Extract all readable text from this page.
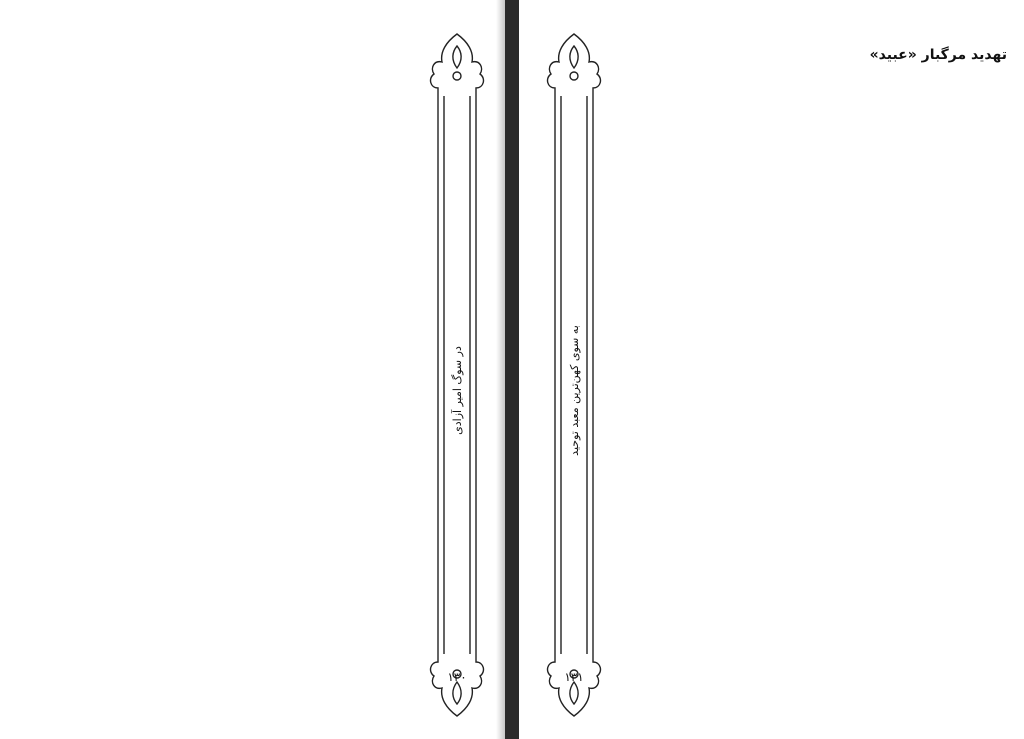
در سوگ امیر آزادی
۱۳۰
به سوی کهن‌ترین معبد توحید
۱۳۱

تهدید مرگبار «عبید»
